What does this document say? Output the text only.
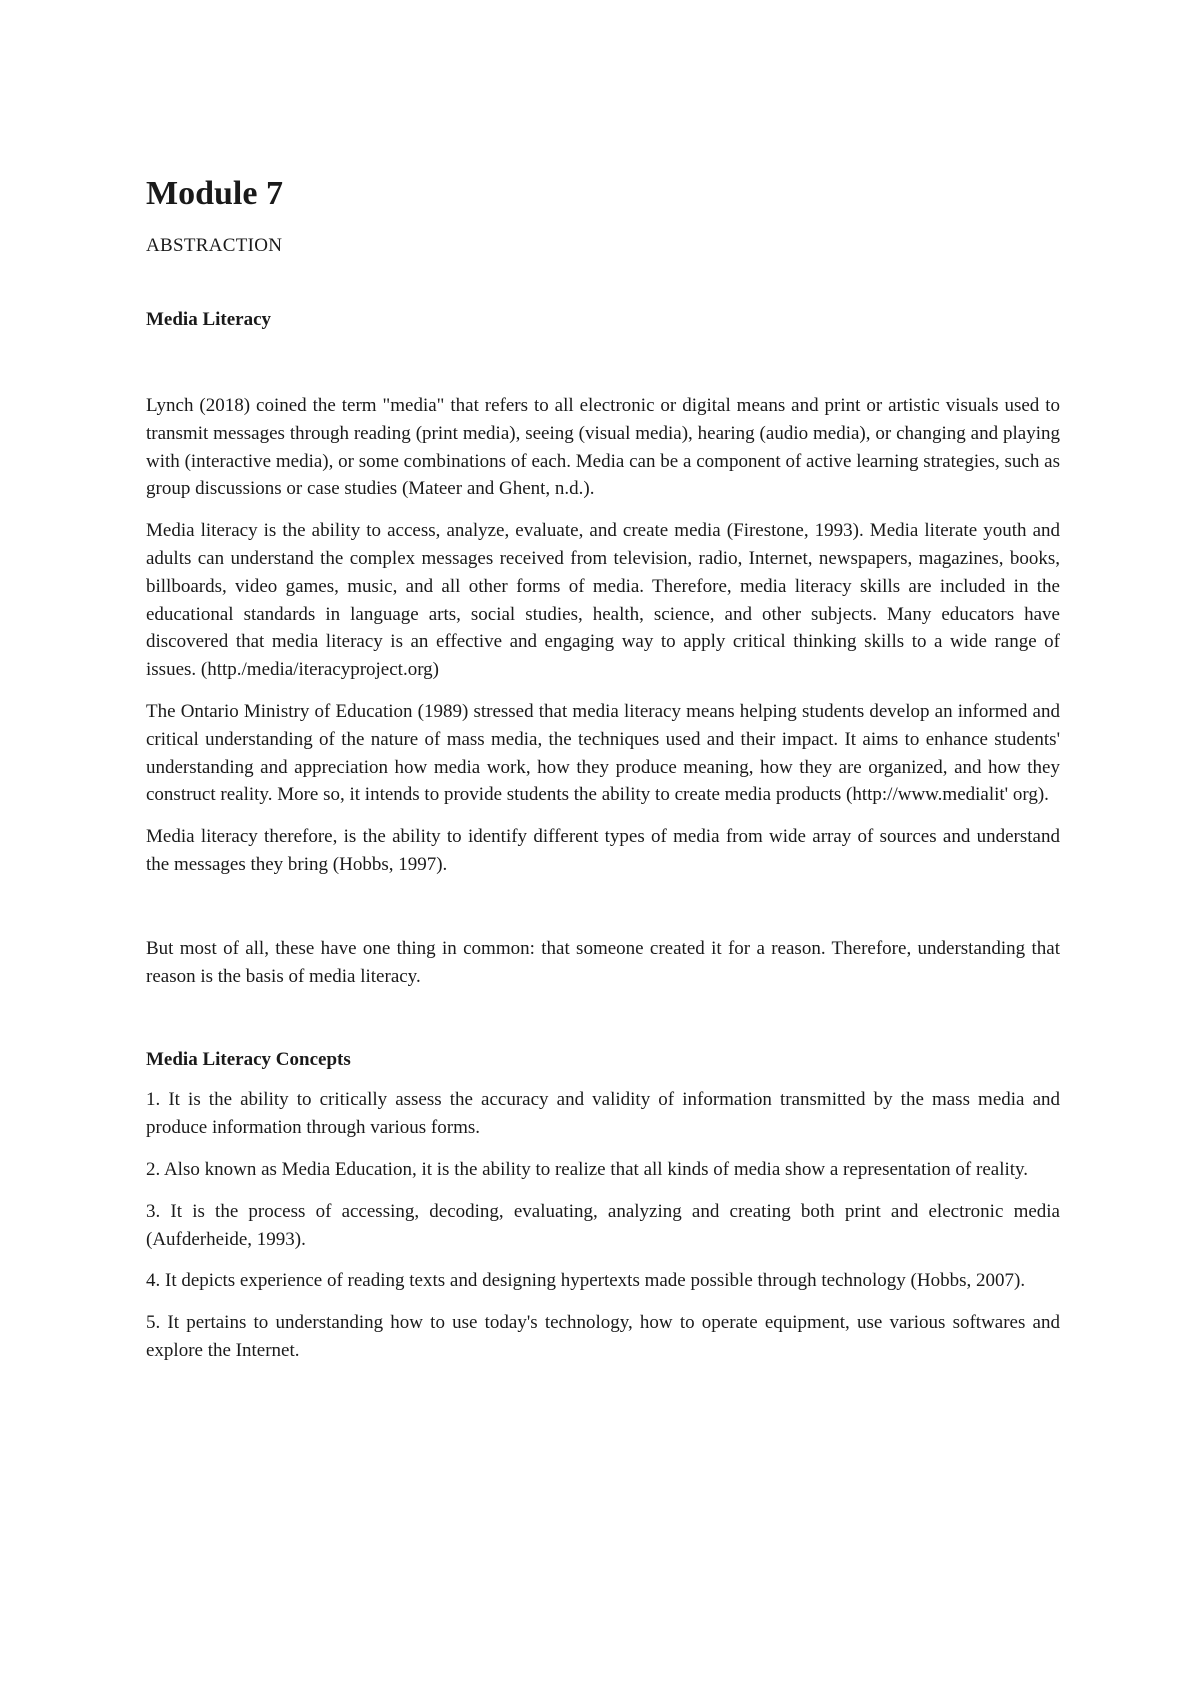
Module 7
ABSTRACTION
Media Literacy

Lynch (2018) coined the term "media" that refers to all electronic or digital means and print or artistic visuals used to transmit messages through reading (print media), seeing (visual media), hearing (audio media), or changing and playing with (interactive media), or some combinations of each. Media can be a component of active learning strategies, such as group discussions or case studies (Mateer and Ghent, n.d.).

Media literacy is the ability to access, analyze, evaluate, and create media (Firestone, 1993). Media literate youth and adults can understand the complex messages received from television, radio, Internet, newspapers, magazines, books, billboards, video games, music, and all other forms of media. Therefore, media literacy skills are included in the educational standards in language arts, social studies, health, science, and other subjects. Many educators have discovered that media literacy is an effective and engaging way to apply critical thinking skills to a wide range of issues. (http./media/iteracyproject.org)

The Ontario Ministry of Education (1989) stressed that media literacy means helping students develop an informed and critical understanding of the nature of mass media, the techniques used and their impact. It aims to enhance students' understanding and appreciation how media work, how they produce meaning, how they are organized, and how they construct reality. More so, it intends to provide students the ability to create media products (http://www.medialit' org).

Media literacy therefore, is the ability to identify different types of media from wide array of sources and understand the messages they bring (Hobbs, 1997).

But most of all, these have one thing in common: that someone created it for a reason. Therefore, understanding that reason is the basis of media literacy.

Media Literacy Concepts

1. It is the ability to critically assess the accuracy and validity of information transmitted by the mass media and produce information through various forms.

2. Also known as Media Education, it is the ability to realize that all kinds of media show a representation of reality.

3. It is the process of accessing, decoding, evaluating, analyzing and creating both print and electronic media (Aufderheide, 1993).

4. It depicts experience of reading texts and designing hypertexts made possible through technology (Hobbs, 2007).

5. It pertains to understanding how to use today's technology, how to operate equipment, use various softwares and explore the Internet.
